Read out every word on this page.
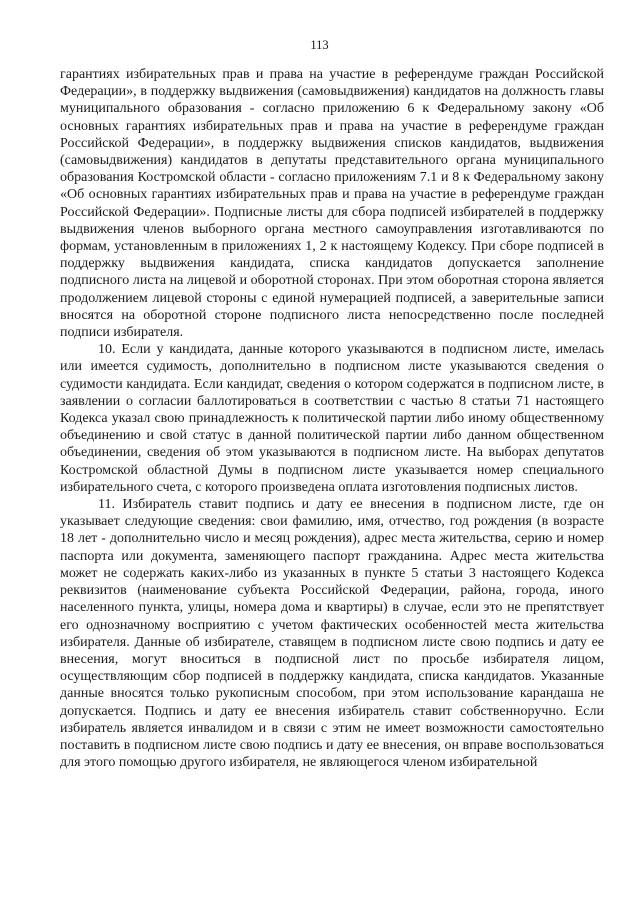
113

гарантиях избирательных прав и права на участие в референдуме граждан Российской Федерации», в поддержку выдвижения (самовыдвижения) кандидатов на должность главы муниципального образования - согласно приложению 6 к Федеральному закону «Об основных гарантиях избирательных прав и права на участие в референдуме граждан Российской Федерации», в поддержку выдвижения списков кандидатов, выдвижения (самовыдвижения) кандидатов в депутаты представительного органа муниципального образования Костромской области - согласно приложениям 7.1 и 8 к Федеральному закону «Об основных гарантиях избирательных прав и права на участие в референдуме граждан Российской Федерации». Подписные листы для сбора подписей избирателей в поддержку выдвижения членов выборного органа местного самоуправления изготавливаются по формам, установленным в приложениях 1, 2 к настоящему Кодексу. При сборе подписей в поддержку выдвижения кандидата, списка кандидатов допускается заполнение подписного листа на лицевой и оборотной сторонах. При этом оборотная сторона является продолжением лицевой стороны с единой нумерацией подписей, а заверительные записи вносятся на оборотной стороне подписного листа непосредственно после последней подписи избирателя.

10. Если у кандидата, данные которого указываются в подписном листе, имелась или имеется судимость, дополнительно в подписном листе указываются сведения о судимости кандидата. Если кандидат, сведения о котором содержатся в подписном листе, в заявлении о согласии баллотироваться в соответствии с частью 8 статьи 71 настоящего Кодекса указал свою принадлежность к политической партии либо иному общественному объединению и свой статус в данной политической партии либо данном общественном объединении, сведения об этом указываются в подписном листе. На выборах депутатов Костромской областной Думы в подписном листе указывается номер специального избирательного счета, с которого произведена оплата изготовления подписных листов.

11. Избиратель ставит подпись и дату ее внесения в подписном листе, где он указывает следующие сведения: свои фамилию, имя, отчество, год рождения (в возрасте 18 лет - дополнительно число и месяц рождения), адрес места жительства, серию и номер паспорта или документа, заменяющего паспорт гражданина. Адрес места жительства может не содержать каких-либо из указанных в пункте 5 статьи 3 настоящего Кодекса реквизитов (наименование субъекта Российской Федерации, района, города, иного населенного пункта, улицы, номера дома и квартиры) в случае, если это не препятствует его однозначному восприятию с учетом фактических особенностей места жительства избирателя. Данные об избирателе, ставящем в подписном листе свою подпись и дату ее внесения, могут вноситься в подписной лист по просьбе избирателя лицом, осуществляющим сбор подписей в поддержку кандидата, списка кандидатов. Указанные данные вносятся только рукописным способом, при этом использование карандаша не допускается. Подпись и дату ее внесения избиратель ставит собственноручно. Если избиратель является инвалидом и в связи с этим не имеет возможности самостоятельно поставить в подписном листе свою подпись и дату ее внесения, он вправе воспользоваться для этого помощью другого избирателя, не являющегося членом избирательной
